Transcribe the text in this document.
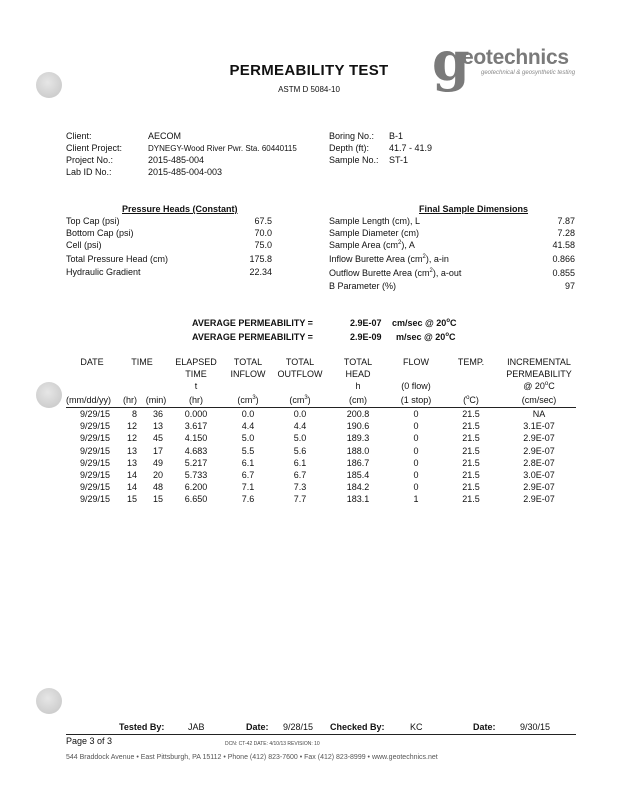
PERMEABILITY TEST
ASTM D 5084-10	g
eotechnics
geotechnical & geosynthetic testing
Client:	AECOM
Client Project:	DYNEGY-Wood River Pwr. Sta. 60440115
Project No.:	2015-485-004
Lab ID No.:	2015-485-004-003
Boring No.: B-1
Depth (ft): 41.7 - 41.9
Sample No.: ST-1
Pressure Heads (Constant)
Top Cap (psi)	67.5
Bottom Cap (psi)	70.0
Cell (psi)	75.0
Total Pressure Head (cm)	175.8
Hydraulic Gradient	22.34
Final Sample Dimensions
Sample Length (cm), L	7.87
Sample Diameter (cm)	7.28
Sample Area $(cm^2)$, A	41.58
Inflow Burette Area $(cm^2)$, a-in	0.866
Outflow Burette Area $(cm^2)$, a-out	0.855
B Parameter (%)	97
AVERAGE PERMEABILITY =	2.9E-07 cm/sec @ 20$^o$C
AVERAGE PERMEABILITY =	2.9E-09 m/sec @ 20$^o$C
DATE	TIME	ELAPSED
TIME
t
TOTAL
INFLOW
TOTAL
OUTFLOW
TOTAL
HEAD
h
FLOW
(0 flow)
TEMP.	INCREMENTAL
PERMEABILITY
@ 20$^o$C
(mm/dd/yy)	(hr) (min)	(hr)	$(cm^3)$	$(cm^3)$	(cm)	(1 stop)	($^o$C)	(cm/sec)
9/29/15	8	36	0.000	0.0	0.0	200.8	0	21.5	NA
9/29/15	12	13	3.617	4.4	4.4	190.6	0	21.5	3.1E-07
9/29/15	12	45	4.150	5.0	5.0	189.3	0	21.5	2.9E-07
9/29/15	13	17	4.683	5.5	5.6	188.0	0	21.5	2.9E-07
9/29/15	13	49	5.217	6.1	6.1	186.7	0	21.5	2.8E-07
9/29/15	14	20	5.733	6.7	6.7	185.4	0	21.5	3.0E-07
9/29/15	14	48	6.200	7.1	7.3	184.2	0	21.5	2.9E-07
9/29/15	15	15	6.650	7.6	7.7	183.1	1	21.5	2.9E-07
Tested By:	JAB	Date: 9/28/15 Checked By:	KC	Date:	9/30/15
Page 3 of 3	DCN: CT-42 DATE: 4/10/13 REVISION: 10
544 Braddock Avenue • East Pittsburgh, PA 15112 • Phone (412) 823-7600 • Fax (412) 823-8999 • www.geotechnics.net
